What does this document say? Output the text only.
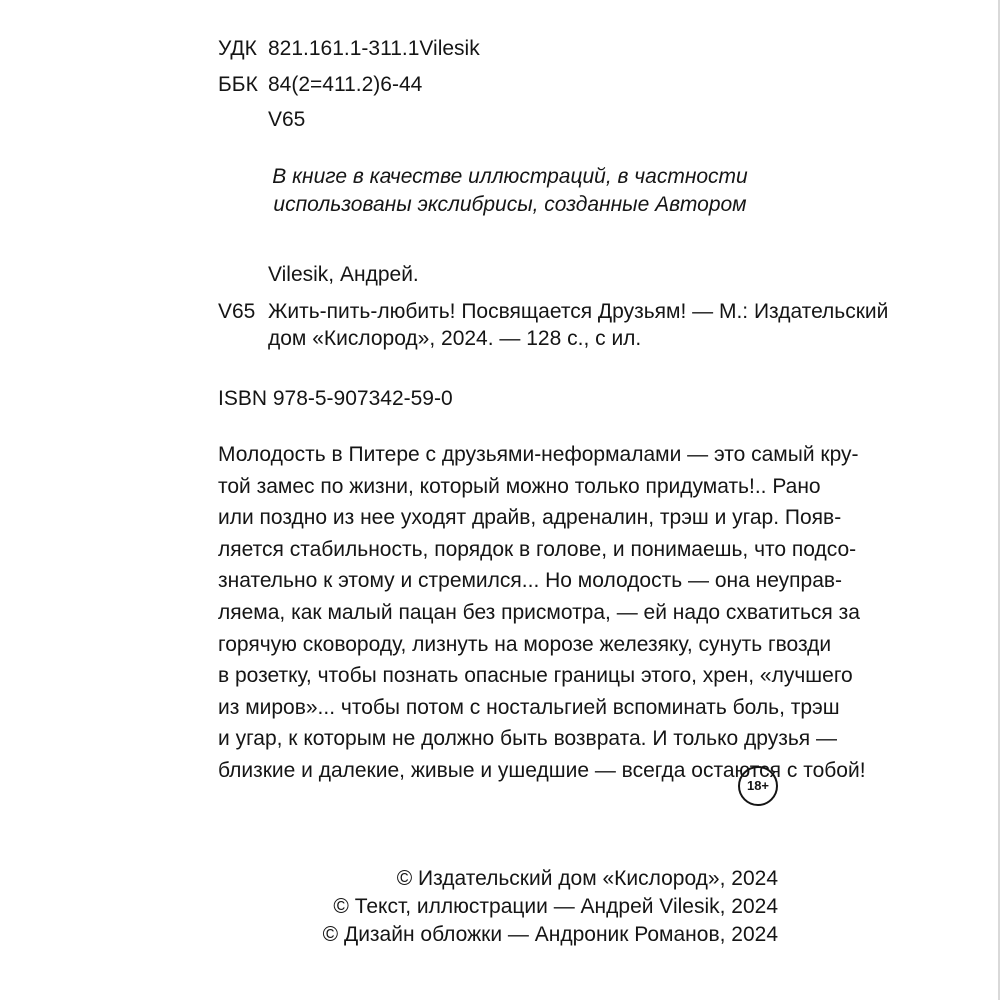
УДК 821.161.1-311.1Vilesik
ББК 84(2=411.2)6-44
V65
В книге в качестве иллюстраций, в частности
использованы экслибрисы, созданные Автором
Vilesik, Андрей.
V65 Жить-пить-любить! Посвящается Друзьям! — М.: Издательский
дом «Кислород», 2024. — 128 с., с ил.
ISBN 978-5-907342-59-0
Молодость в Питере с друзьями-неформалами — это самый кру-
той замес по жизни, который можно только придумать!.. Рано
или поздно из нее уходят драйв, адреналин, трэш и угар. Появ-
ляется стабильность, порядок в голове, и понимаешь, что подсо-
знательно к этому и стремился... Но молодость — она неуправ-
ляема, как малый пацан без присмотра, — ей надо схватиться за
горячую сковороду, лизнуть на морозе железяку, сунуть гвозди
в розетку, чтобы познать опасные границы этого, хрен, «лучшего
из миров»... чтобы потом с ностальгией вспоминать боль, трэш
и угар, к которым не должно быть возврата. И только друзья —
близкие и далекие, живые и ушедшие — всегда остаются с тобой!
18+
© Издательский дом «Кислород», 2024
© Текст, иллюстрации — Андрей Vilesik, 2024
© Дизайн обложки — Андроник Романов, 2024
